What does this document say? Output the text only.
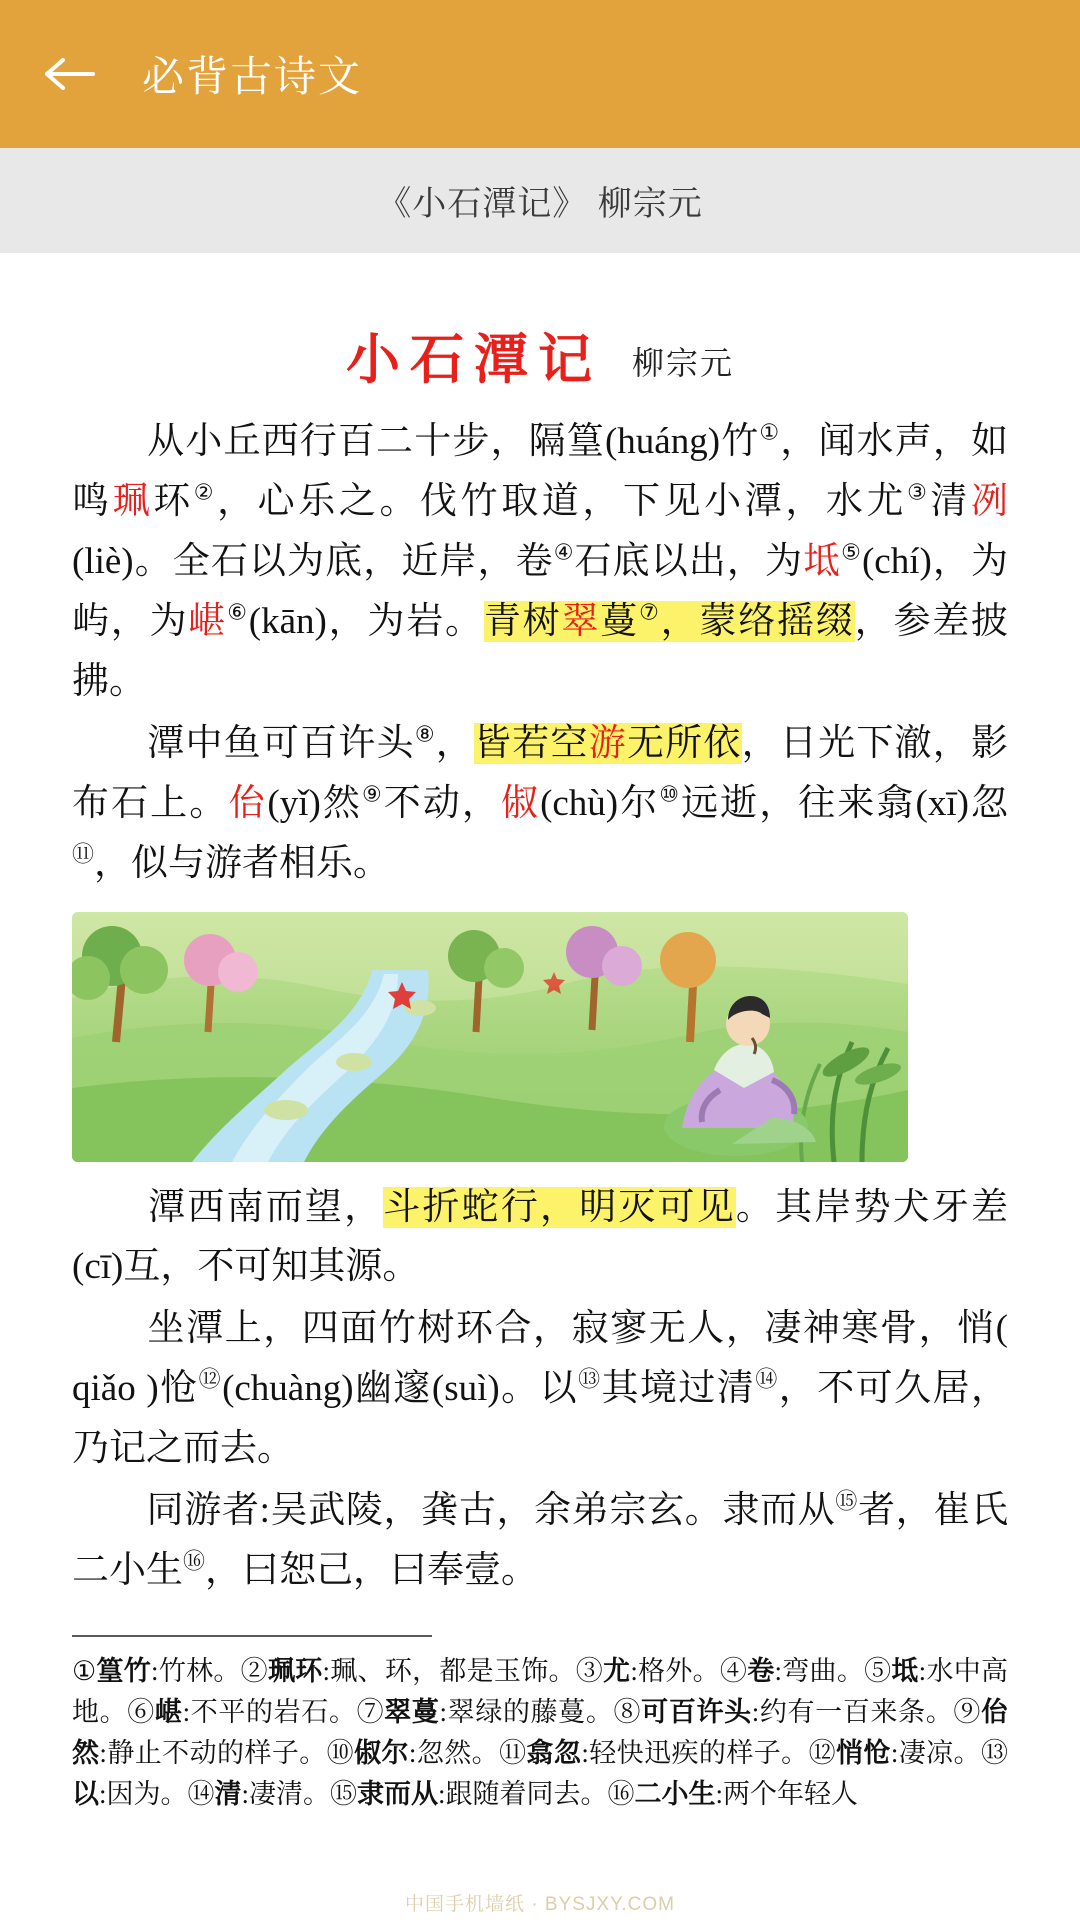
必背古诗文
《小石潭记》 柳宗元
小石潭记 柳宗元

从小丘西行百二十步，隔篁(huáng)竹①，闻水声，如鸣珮环②，心乐之。伐竹取道，下见小潭，水尤③清冽(liè)。全石以为底，近岸，卷④石底以出，为坻⑤(chí)，为屿，为嵁⑥(kān)，为岩。青树翠蔓⑦，蒙络摇缀，参差披拂。

潭中鱼可百许头⑧，皆若空游无所依，日光下澈，影布石上。佁(yǐ)然⑨不动，俶(chù)尔⑩远逝，往来翕(xī)忽⑪，似与游者相乐。

潭西南而望，斗折蛇行，明灭可见。其岸势犬牙差(cī)互，不可知其源。

坐潭上，四面竹树环合，寂寥无人，凄神寒骨，悄( qiǎo )怆⑫(chuàng)幽邃(suì)。以⑬其境过清⑭，不可久居，乃记之而去。

同游者:吴武陵，龚古，余弟宗玄。隶而从⑮者，崔氏二小生⑯，曰恕己，曰奉壹。

①篁竹:竹林。②珮环:珮、环，都是玉饰。③尤:格外。④卷:弯曲。⑤坻:水中高地。⑥嵁:不平的岩石。⑦翠蔓:翠绿的藤蔓。⑧可百许头:约有一百来条。⑨佁然:静止不动的样子。⑩俶尔:忽然。⑪翕忽:轻快迅疾的样子。⑫悄怆:凄凉。⑬以:因为。⑭清:凄清。⑮隶而从:跟随着同去。⑯二小生:两个年轻人

中国手机墙纸 · BYSJXY.COM
